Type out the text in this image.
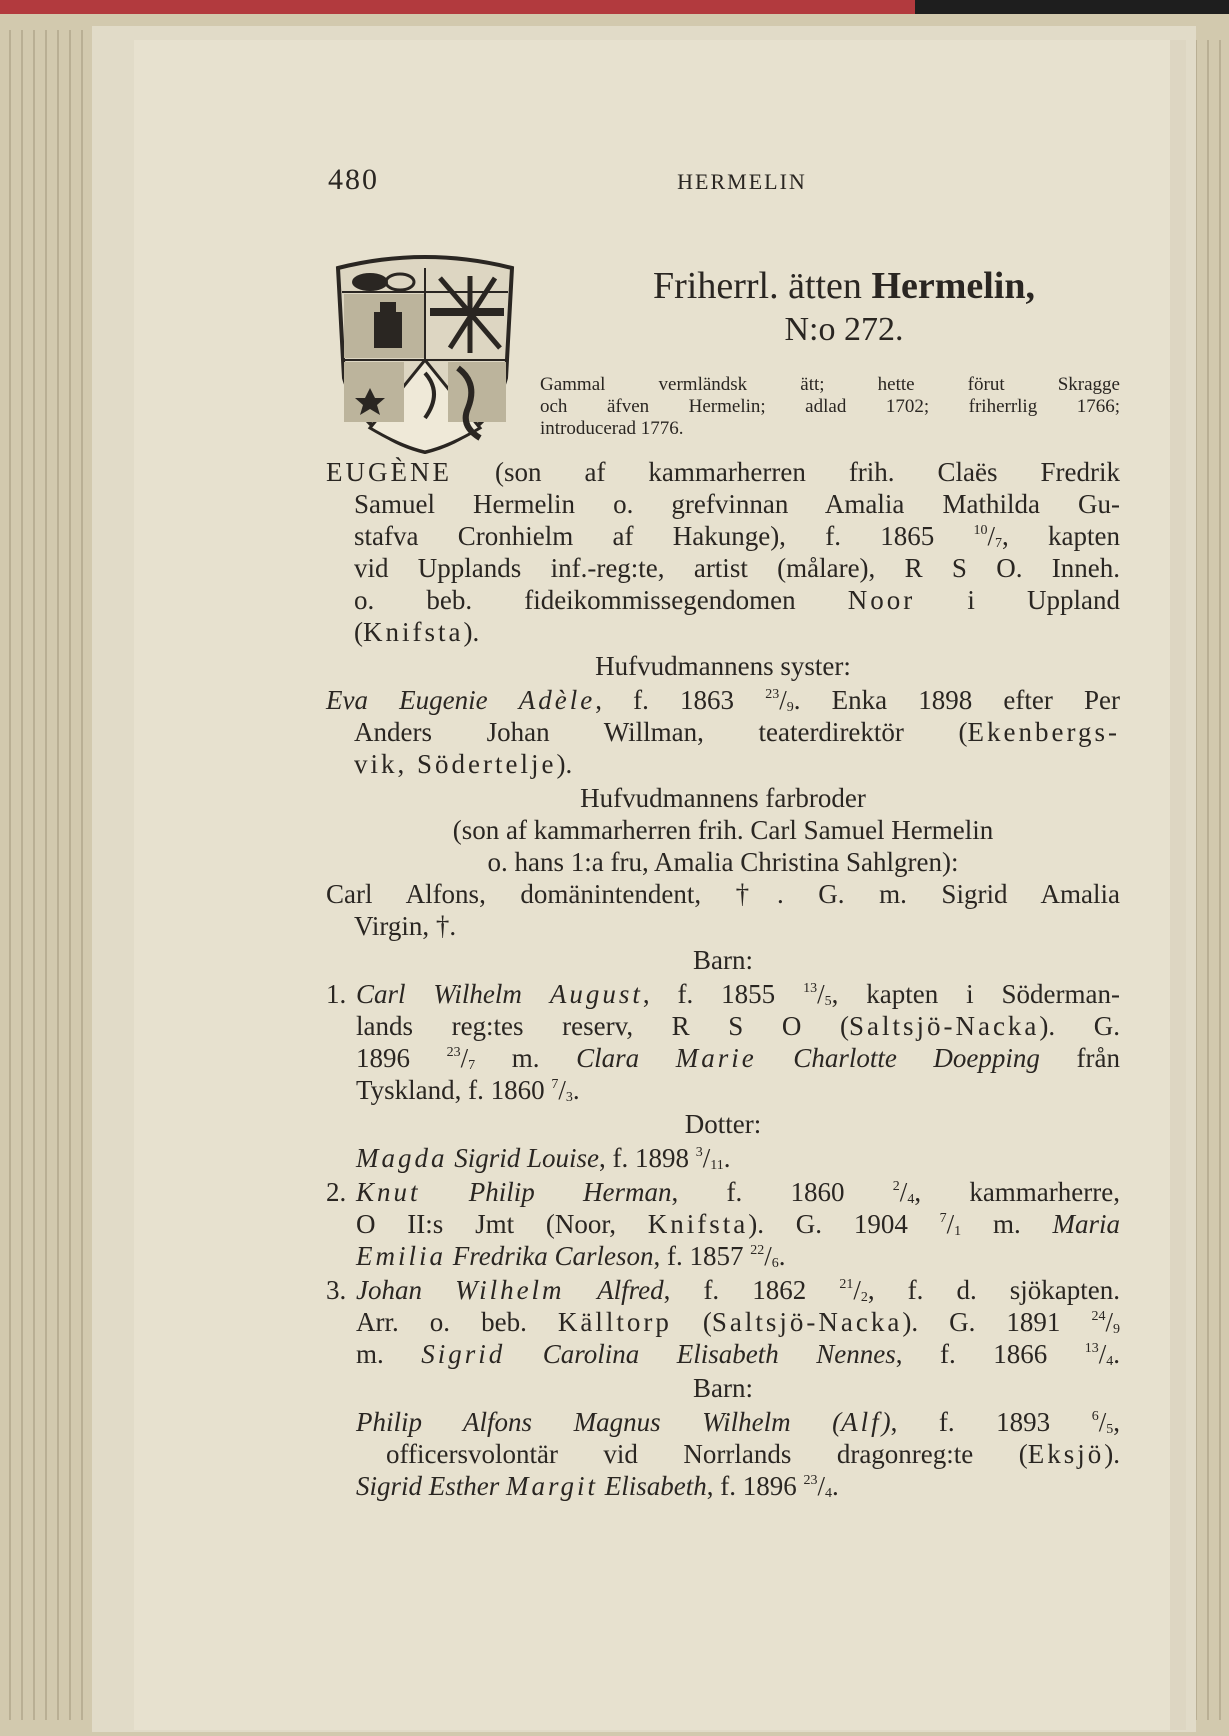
480	HERMELIN
Friherrl. ätten Hermelin,
N:o 272.
Gammal vermländsk ätt; hette förut Skragge
och äfven Hermelin; adlad 1702; friherrlig 1766;
introducerad 1776.
EUGÈNE (son af kammarherren frih. Claës Fredrik
Samuel Hermelin o. grefvinnan Amalia Mathilda Gu-
stafva Cronhielm af Hakunge), f. 1865 $^{10}/_7$, kapten
vid Upplands inf.-reg:te, artist (målare), R S O. Inneh.
o. beb. fideikommissegendomen Noor i Uppland
(Knifsta).
Hufvudmannens syster:
Eva Eugenie Adèle, f. 1863 $^{23}/_9$. Enka 1898 efter Per
Anders Johan Willman, teaterdirektör (Ekenbergs-
vik, Södertelje).
Hufvudmannens farbroder
(son af kammarherren frih. Carl Samuel Hermelin
o. hans 1:a fru, Amalia Christina Sahlgren):
Carl Alfons, domänintendent, †. G. m. Sigrid Amalia
Virgin, †.
Barn:
1. Carl Wilhelm August, f. 1855 $^{13}/_5$, kapten i Söderman-
lands reg:tes reserv, R S O (Saltsjö-Nacka). G.
1896 $^{23}/_7$ m. Clara Marie Charlotte Doepping från
Tyskland, f. 1860 $^7/_3$.
Dotter:
Magda Sigrid Louise, f. 1898 $^3/_{11}$.
2. Knut Philip Herman, f. 1860 $^2/_4$, kammarherre,
O II:s Jmt (Noor, Knifsta). G. 1904 $^7/_1$ m. Maria
Emilia Fredrika Carleson, f. 1857 $^{22}/_6$.
3. Johan Wilhelm Alfred, f. 1862 $^{21}/_2$, f. d. sjökapten.
Arr. o. beb. Källtorp (Saltsjö-Nacka). G. 1891 $^{24}/_9$
m. Sigrid Carolina Elisabeth Nennes, f. 1866 $^{13}/_4$.
Barn:
Philip Alfons Magnus Wilhelm (Alf), f. 1893 $^6/_5$,
officersvolontär vid Norrlands dragonreg:te (Eksjö).
Sigrid Esther Margit Elisabeth, f. 1896 $^{23}/_4$.
